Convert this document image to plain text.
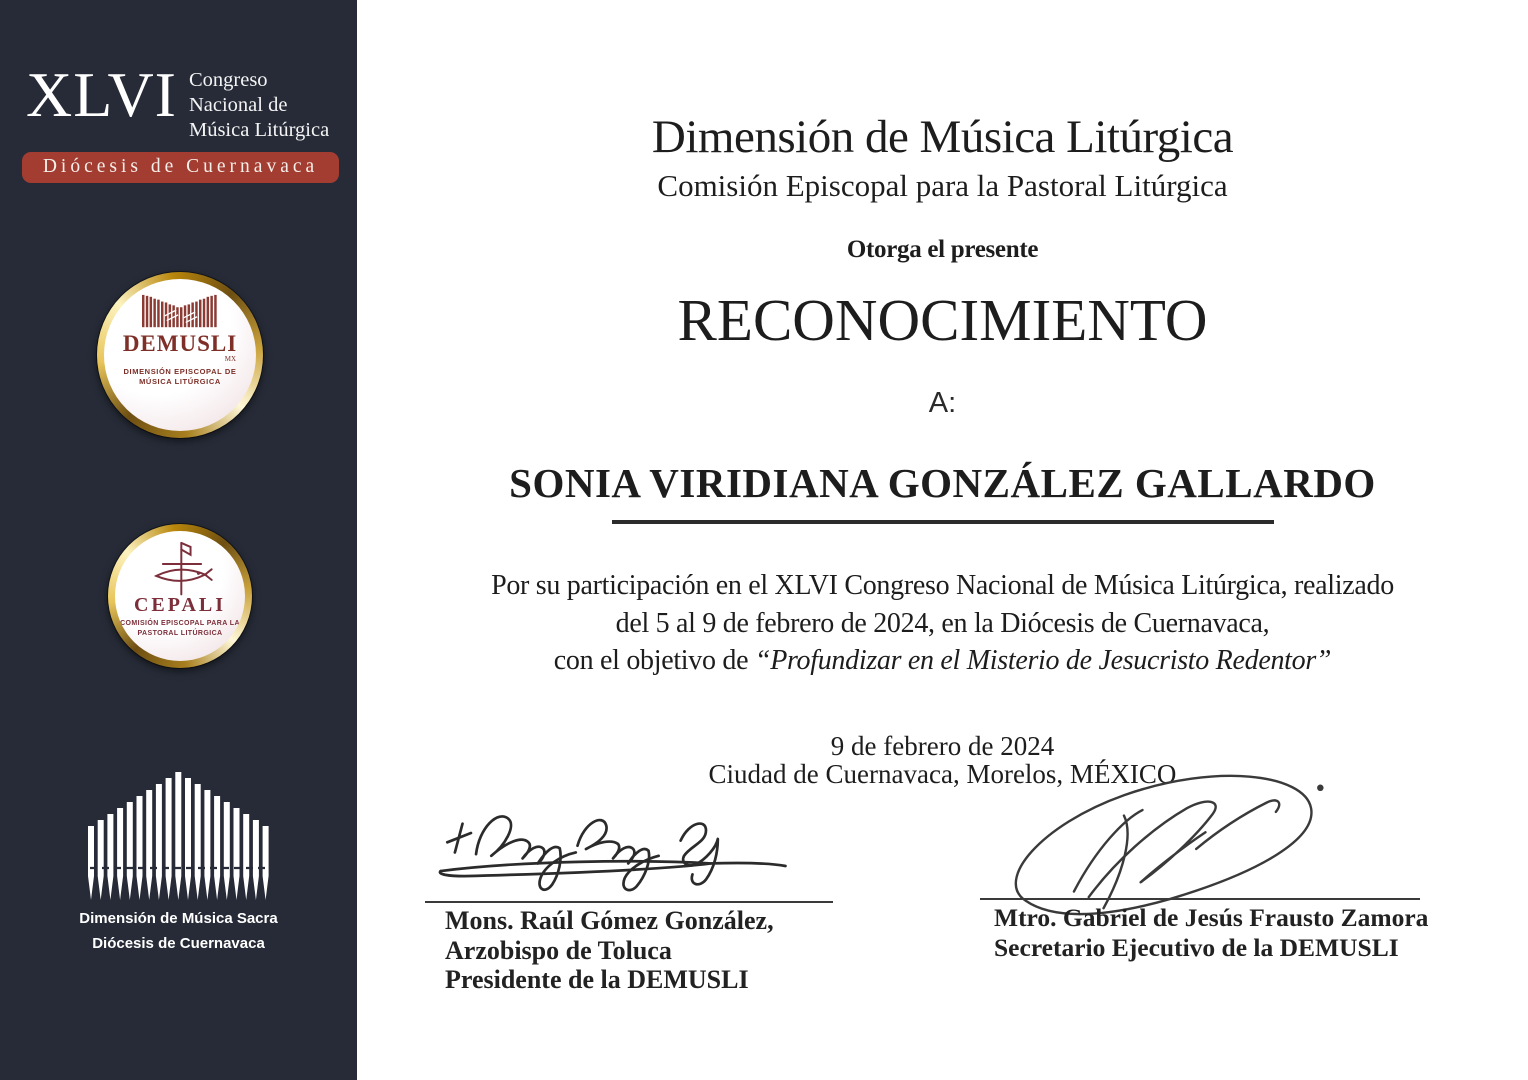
XLVI Congreso
Nacional de
Música Litúrgica
Diócesis de Cuernavaca
DEMUSLI
MX
DIMENSIÓN EPISCOPAL DE
MÚSICA LITÚRGICA
CEPALI
COMISIÓN EPISCOPAL PARA LA
PASTORAL LITÚRGICA
Dimensión de Música Sacra
Diócesis de Cuernavaca
Dimensión de Música Litúrgica
Comisión Episcopal para la Pastoral Litúrgica
Otorga el presente
RECONOCIMIENTO
A:
SONIA VIRIDIANA GONZÁLEZ GALLARDO
Por su participación en el XLVI Congreso Nacional de Música Litúrgica, realizado
del 5 al 9 de febrero de 2024, en la Diócesis de Cuernavaca,
con el objetivo de “Profundizar en el Misterio de Jesucristo Redentor”
9 de febrero de 2024
Ciudad de Cuernavaca, Morelos, MÉXICO
Mons. Raúl Gómez González,
Arzobispo de Toluca
Presidente de la DEMUSLI
Mtro. Gabriel de Jesús Frausto Zamora
Secretario Ejecutivo de la DEMUSLI
